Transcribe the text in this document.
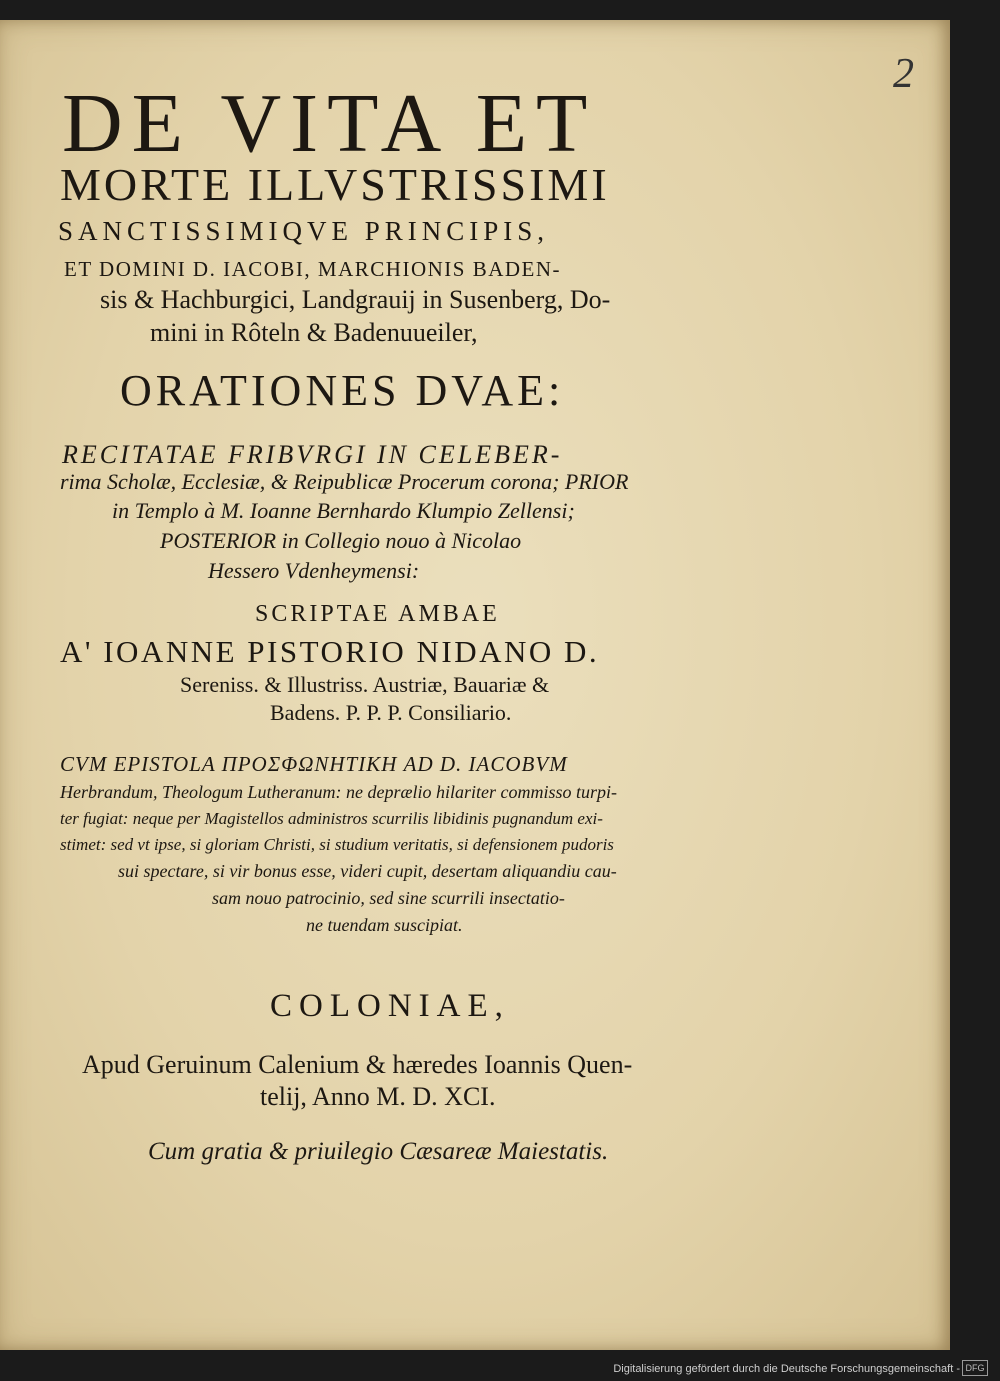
2
DE VITA ET
MORTE ILLVSTRISSIMI
SANCTISSIMIQVE PRINCIPIS,
ET DOMINI D. IACOBI, MARCHIONIS BADEN-
sis & Hachburgici, Landgrauij in Susenberg, Do-
mini in Rôteln & Badenuueiler,
ORATIONES DVAE:
RECITATAE FRIBVRGI IN CELEBER-
rima Scholæ, Ecclesiæ, & Reipublicæ Procerum corona; PRIOR
in Templo à M. Ioanne Bernhardo Klumpio Zellensi;
POSTERIOR in Collegio nouo à Nicolao
Hessero Vdenheymensi:
SCRIPTAE AMBAE
A' IOANNE PISTORIO NIDANO D.
Sereniss. & Illustriss. Austriæ, Bauariæ &
Badens. P. P. P. Consiliario.
CVM EPISTOLA ΠΡΟΣΦΩΝΗΤΙΚΗ AD D. IACOBVM
Herbrandum, Theologum Lutheranum: ne deprælio hilariter commisso turpi-
ter fugiat: neque per Magistellos administros scurrilis libidinis pugnandum exi-
stimet: sed vt ipse, si gloriam Christi, si studium veritatis, si defensionem pudoris
sui spectare, si vir bonus esse, videri cupit, desertam aliquandiu cau-
sam nouo patrocinio, sed sine scurrili insectatio-
ne tuendam suscipiat.
COLONIAE,
Apud Geruinum Calenium & hæredes Ioannis Quen-
telij, Anno M. D. XCI.
Cum gratia & priuilegio Cæsareæ Maiestatis.
Digitalisierung gefördert durch die Deutsche Forschungsgemeinschaft - DFG
